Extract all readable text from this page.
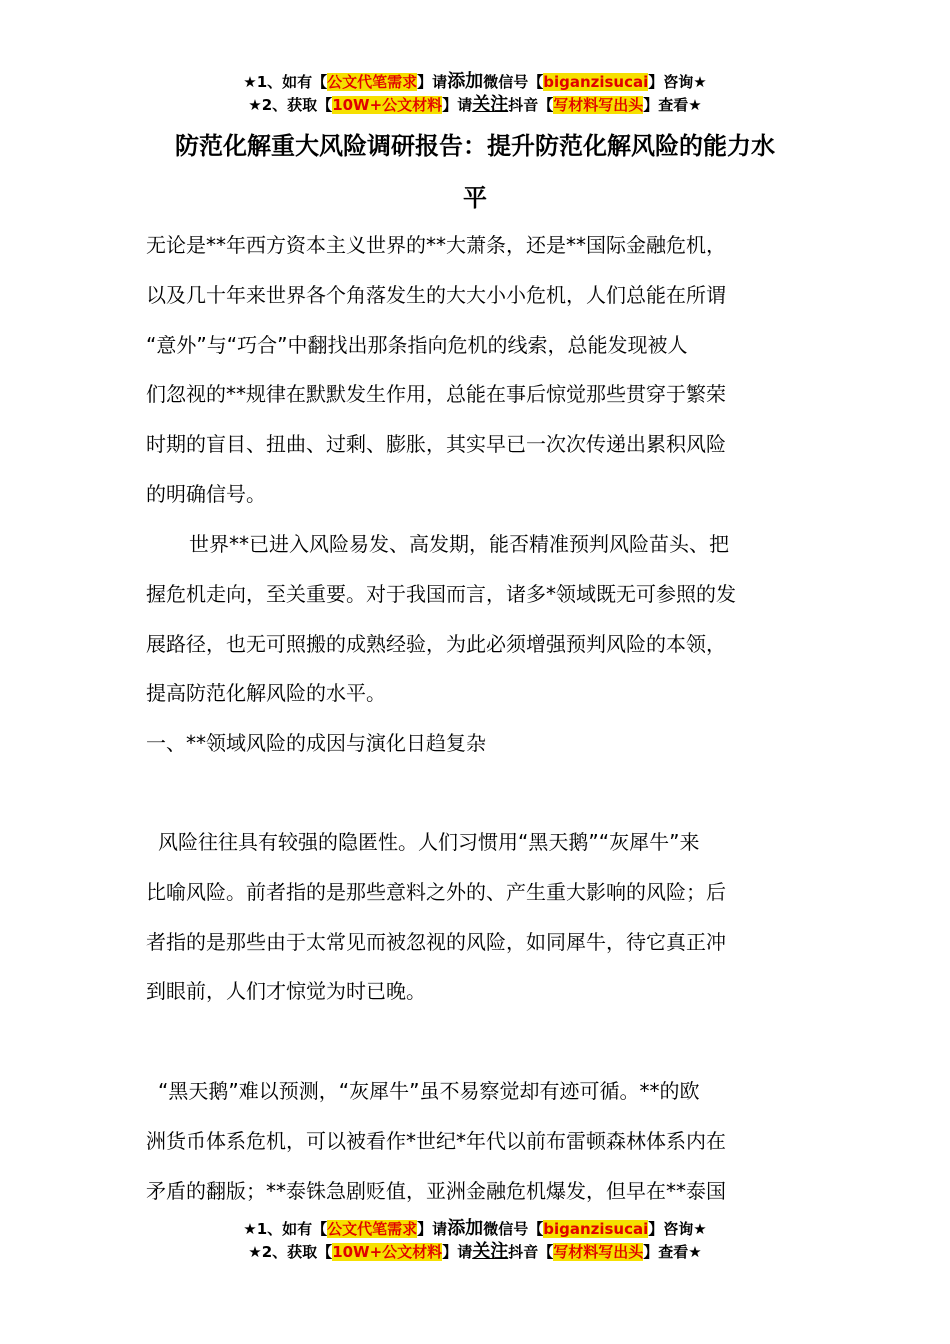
★1、如有【公文代笔需求】请添加微信号【biganzisucai】咨询★
★2、获取【10W+公文材料】请关注抖音【写材料写出头】查看★
防范化解重大风险调研报告：提升防范化解风险的能力水
平
无论是**年西方资本主义世界的**大萧条，还是**国际金融危机，
以及几十年来世界各个角落发生的大大小小危机，人们总能在所谓
“意外”与“巧合”中翻找出那条指向危机的线索，总能发现被人
们忽视的**规律在默默发生作用，总能在事后惊觉那些贯穿于繁荣
时期的盲目、扭曲、过剩、膨胀，其实早已一次次传递出累积风险
的明确信号。
世界**已进入风险易发、高发期，能否精准预判风险苗头、把
握危机走向，至关重要。对于我国而言，诸多*领域既无可参照的发
展路径，也无可照搬的成熟经验，为此必须增强预判风险的本领，
提高防范化解风险的水平。
一、**领域风险的成因与演化日趋复杂
风险往往具有较强的隐匿性。人们习惯用“黑天鹅”“灰犀牛”来
比喻风险。前者指的是那些意料之外的、产生重大影响的风险；后
者指的是那些由于太常见而被忽视的风险，如同犀牛，待它真正冲
到眼前，人们才惊觉为时已晚。
“黑天鹅”难以预测，“灰犀牛”虽不易察觉却有迹可循。**的欧
洲货币体系危机，可以被看作*世纪*年代以前布雷顿森林体系内在
矛盾的翻版；**泰铢急剧贬值，亚洲金融危机爆发，但早在**泰国
★1、如有【公文代笔需求】请添加微信号【biganzisucai】咨询★
★2、获取【10W+公文材料】请关注抖音【写材料写出头】查看★
